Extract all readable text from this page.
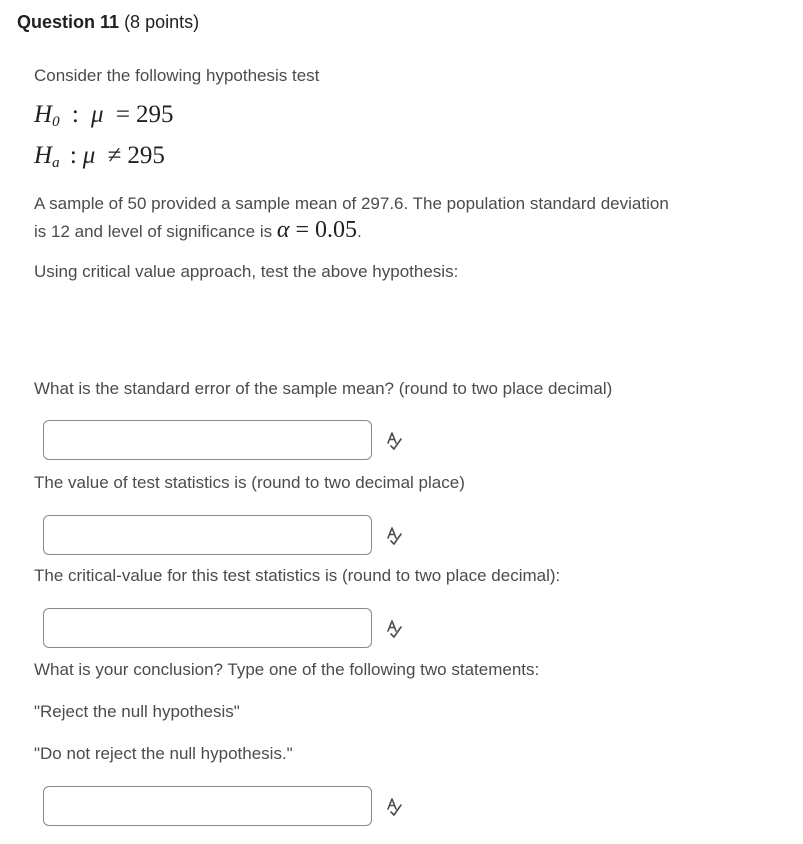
Question 11 (8 points)
Consider the following hypothesis test
$H_0$ : μ = 295
$H_a$ : μ ≠ 295
A sample of 50 provided a sample mean of 297.6. The population standard deviation
is 12 and level of significance is α = 0.05.
Using critical value approach, test the above hypothesis:
What is the standard error of the sample mean? (round to two place decimal)
The value of test statistics is (round to two decimal place)
The critical-value for this test statistics is (round to two place decimal):
What is your conclusion? Type one of the following two statements:
"Reject the null hypothesis"
"Do not reject the null hypothesis."
